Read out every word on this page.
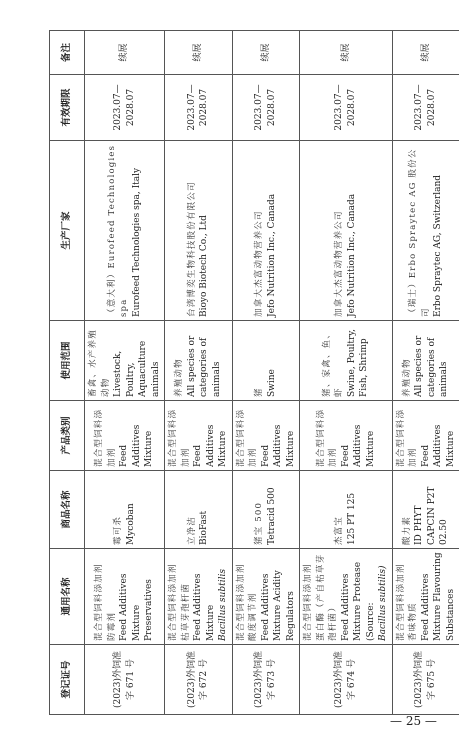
登记证号	通用名称	商品名称	产品类别	使用范围	生产厂家	有效期限	备注
(2023)外饲准字 671 号	混合型饲料添加剂 防霉剂 Feed Additives Mixture Preservatives	霉可杀 Mycoban	混合型饲料添加剂 Feed Additives Mixture	畜禽、水产养殖动物 Livestock, Poultry, Aquaculture animals	（意大利）Eurofeed Technologies spa Eurofeed Technologies spa, Italy	2023.07—2028.07	续展
(2023)外饲准字 672 号	混合型饲料添加剂 枯草芽孢杆菌 Feed Additives Mixture Bacillus subtilis	立净洁 BioFast	混合型饲料添加剂 Feed Additives Mixture	养殖动物 All species or categories of animals	台湾博奕生物科技股份有限公司 Bioyo Biotech Co., Ltd	2023.07—2028.07	续展
(2023)外饲准字 673 号	混合型饲料添加剂 酸度调节剂 Feed Additives Mixture Acidity Regulators	猪宝 500 Tetracid 500	混合型饲料添加剂 Feed Additives Mixture	猪 Swine	加拿大杰富动物营养公司 Jefo Nutrition Inc., Canada	2023.07—2028.07	续展
(2023)外饲准字 674 号	混合型饲料添加剂 蛋白酶（产自枯草芽孢杆菌） Feed Additives Mixture Protease (Source: Bacillus subtilis)	杰富宝 125 PT 125	混合型饲料添加剂 Feed Additives Mixture	猪、家禽、鱼、虾 Swine, Poultry, Fish, Shrimp	加拿大杰富动物营养公司 Jefo Nutrition Inc., Canada	2023.07—2028.07	续展
(2023)外饲准字 675 号	混合型饲料添加剂 香味物质 Feed Additives Mixture Flavouring Substances	酸力素 ID PHYT CAPCIN P2T 02.50	混合型饲料添加剂 Feed Additives Mixture	养殖动物 All species or categories of animals	（瑞士）Erbo Spraytec AG 股份公司 Erbo Spraytec AG, Switzerland	2023.07—2028.07	续展
— 25 —
